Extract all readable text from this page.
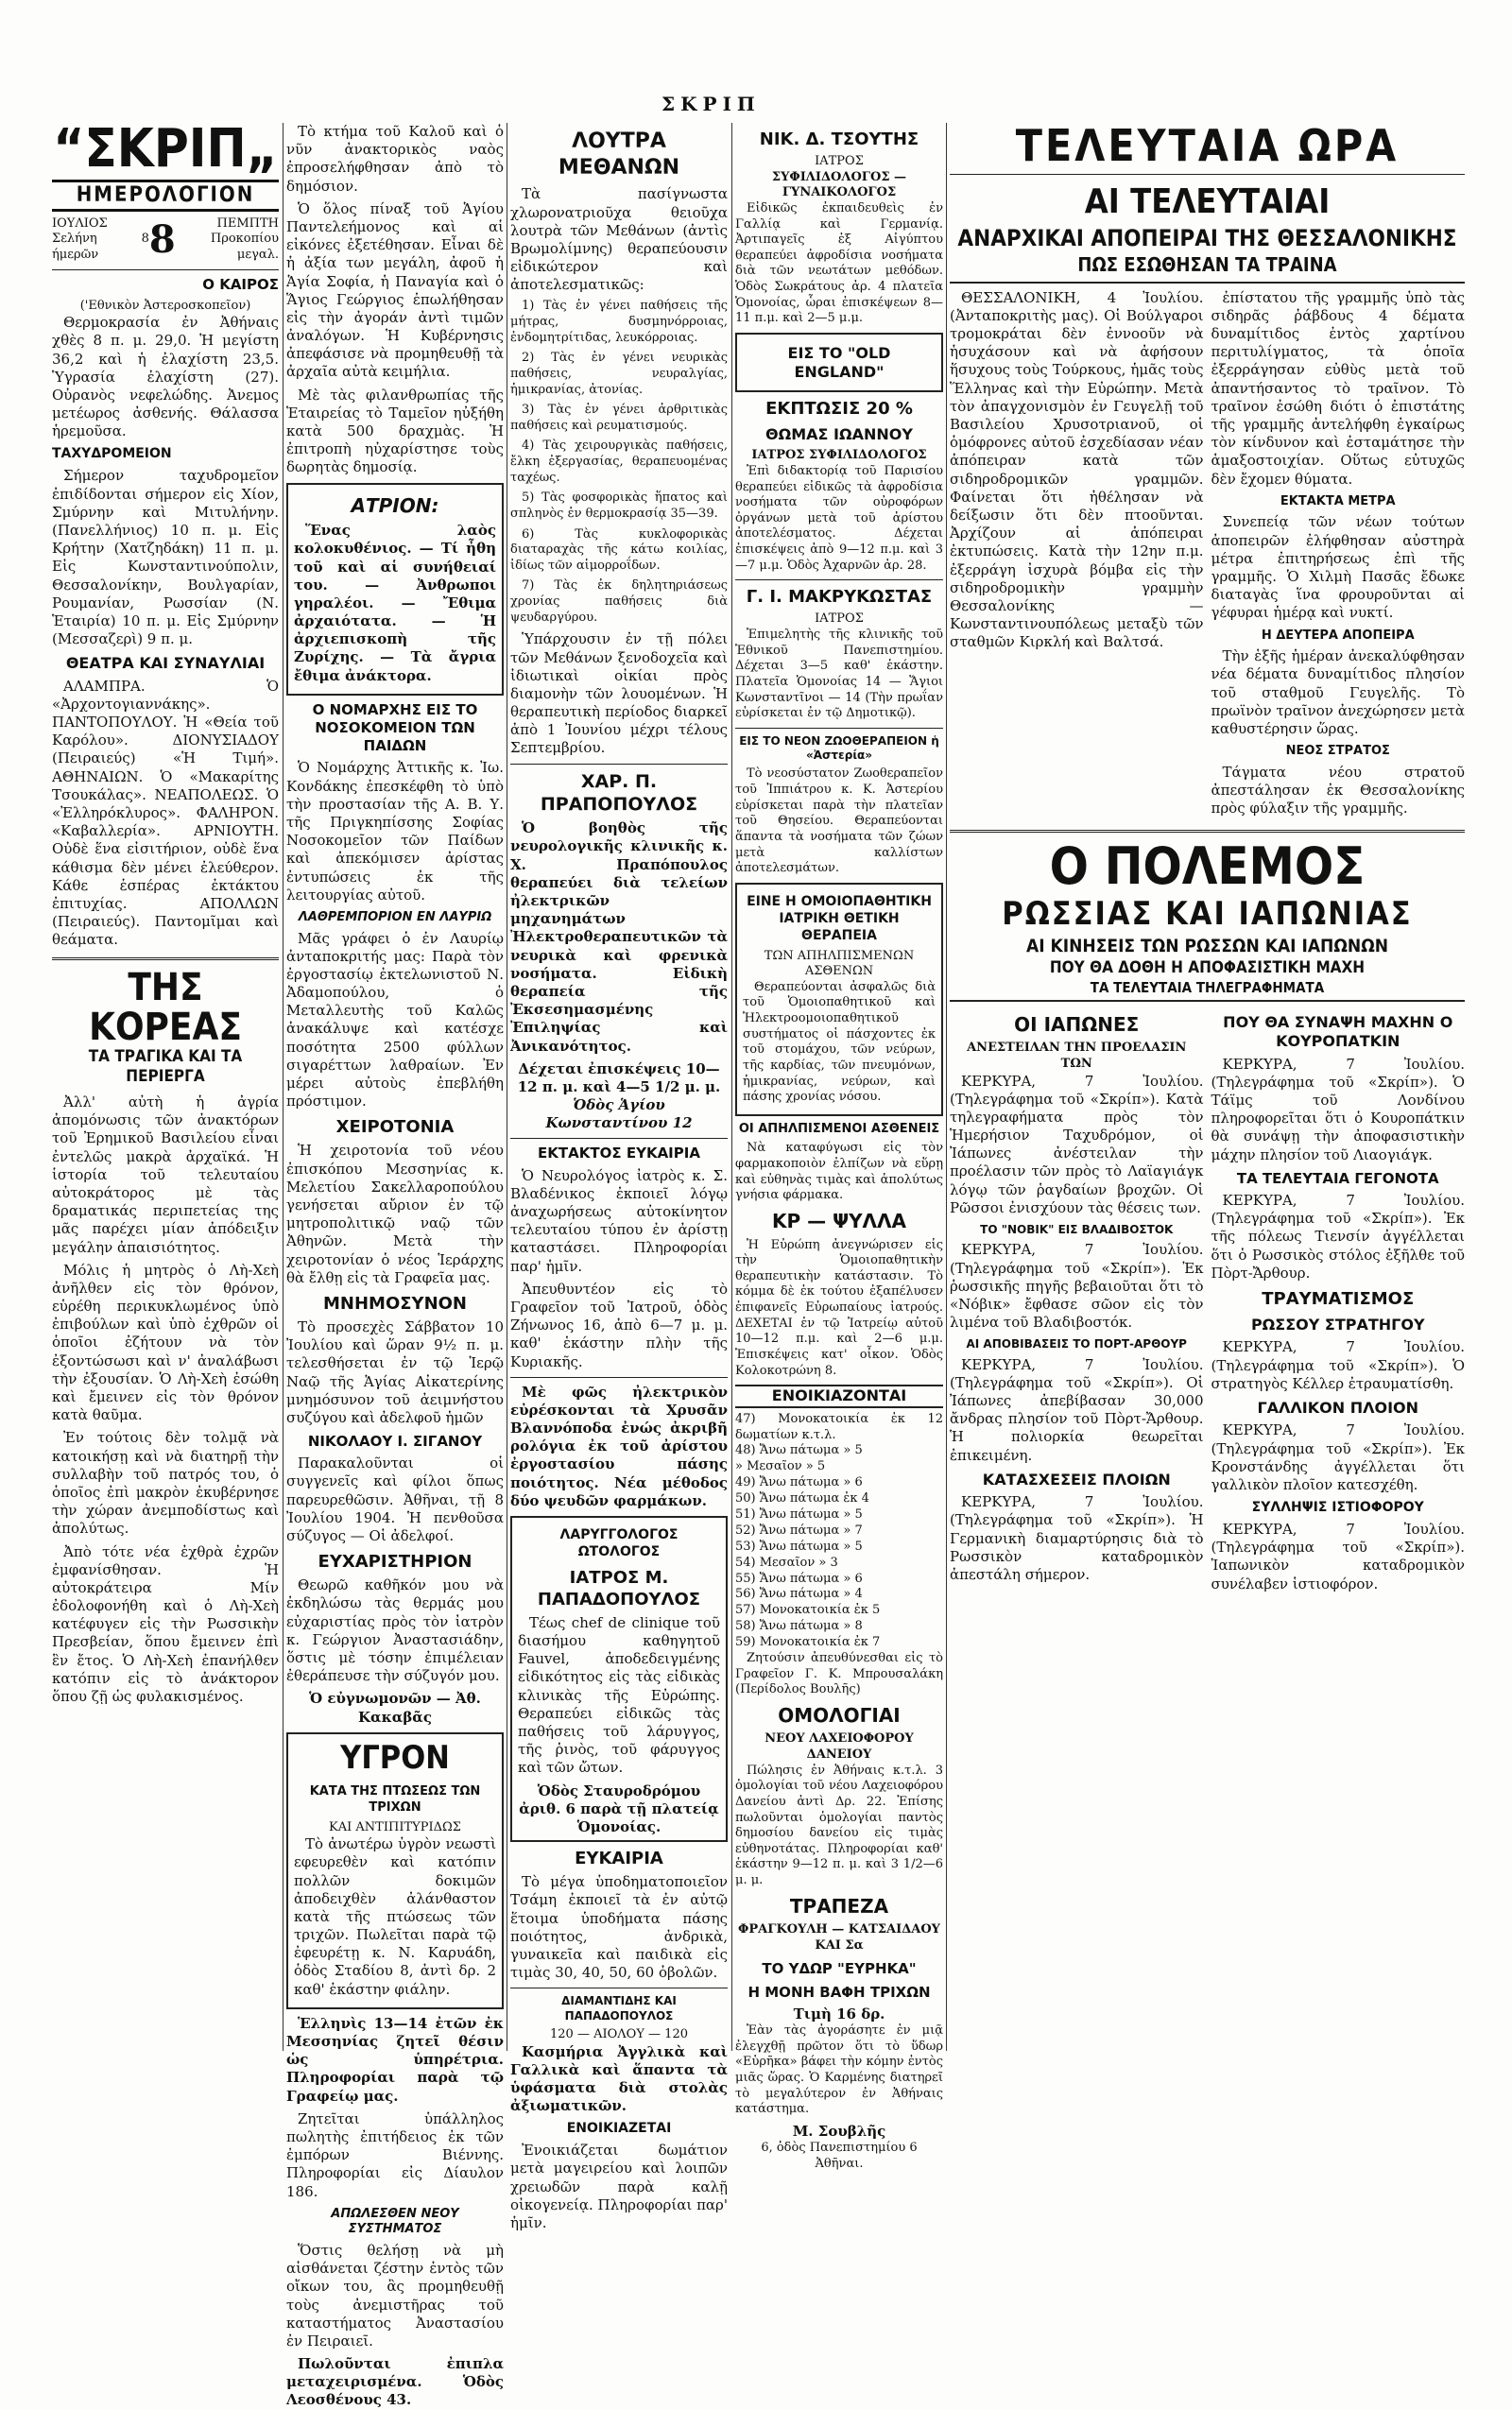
ΣΚΡΙΠ
“ΣΚΡΙΠ„
ΗΜΕΡΟΛΟΓΙΟΝ
ΙΟΥΛΙΟΣ
Σελήνη 8 ήμερῶν	8	ΠΕΜΠΤΗ
Προκοπίου μεγαλ.
Ο ΚΑΙΡΟΣ
('Εθνικὸν Ἀστεροσκοπεῖον)

Θερμοκρασία ἐν Ἀθήναις χθὲς 8 π. μ. 29,0. Ἡ μεγίστη 36,2 καὶ ἡ ἐλαχίστη 23,5. Ὑγρασία ἐλαχίστη (27). Οὐρανὸς νεφελώδης. Ἀνεμος μετέωρος ἀσθενής. Θάλασσα ἡρεμοῦσα.

ΤΑΧΥΔΡΟΜΕΙΟΝ

Σήμερον ταχυδρομεῖον ἐπιδίδονται σήμερον εἰς Χίον, Σμύρνην καὶ Μιτυλήνην. (Πανελλήνιος) 10 π. μ. Εἰς Κρήτην (Χατζηδάκη) 11 π. μ. Εἰς Κωνσταντινούπολιν, Θεσσαλονίκην, Βουλγαρίαν, Ρουμανίαν, Ρωσσίαν (Ν. Ἑταιρία) 10 π. μ. Εἰς Σμύρνην (Μεσσαζερὶ) 9 π. μ.

ΘΕΑΤΡΑ ΚΑΙ ΣΥΝΑΥΛΙΑΙ

ΑΛΑΜΠΡΑ. Ὁ «Ἀρχοντογιαννάκης». ΠΑΝΤΟΠΟΥΛΟΥ. Ἡ «Θεία τοῦ Καρόλου». ΔΙΟΝΥΣΙΑΔΟΥ (Πειραιεύς) «Ἡ Τιμή». ΑΘΗΝΑΙΩΝ. Ὁ «Μακαρίτης Τσουκάλας». ΝΕΑΠΟΛΕΩΣ. Ὁ «Ἐλληρόκλυρος». ΦΑΛΗΡΟΝ. «Καβαλλερία». ΑΡΝΙΟΥΤΗ. Οὐδὲ ἕνα εἰσιτήριον, οὐδὲ ἕνα κάθισμα δὲν μένει ἐλεύθερον. Κάθε ἑσπέρας ἐκτάκτου ἐπιτυχίας. ΑΠΟΛΛΩΝ (Πειραιεύς). Παντομῖμαι καὶ θεάματα.

ΤΗΣ ΚΟΡΕΑΣ
ΤΑ ΤΡΑΓΙΚΑ ΚΑΙ ΤΑ ΠΕΡΙΕΡΓΑ

Ἀλλ' αὐτὴ ἡ ἀγρία ἀπομόνωσις τῶν ἀνακτόρων τοῦ Ἐρημικοῦ Βασιλείου εἶναι ἐντελῶς μακρὰ ἀρχαϊκά. Ἡ ἱστορία τοῦ τελευταίου αὐτοκράτορος μὲ τὰς δραματικάς περιπετείας της μᾶς παρέχει μίαν ἀπόδειξιν μεγάλην ἀπαισιότητος.

Μόλις ἡ μητρὸς ὁ Λὴ-Χεὴ ἀνῆλθεν εἰς τὸν θρόνον, εὑρέθη περικυκλωμένος ὑπὸ ἐπιβούλων καὶ ὑπὸ ἐχθρῶν οἱ ὁποῖοι ἐζήτουν νὰ τὸν ἐξοντώσωσι καὶ ν' ἀναλάβωσι τὴν ἐξουσίαν. Ὁ Λὴ-Χεὴ ἐσώθη καὶ ἔμεινεν εἰς τὸν θρόνον κατὰ θαῦμα.

Ἐν τούτοις δὲν τολμᾷ νὰ κατοικήσῃ καὶ νὰ διατηρῇ τὴν συλλαβὴν τοῦ πατρός του, ὁ ὁποῖος ἐπὶ μακρὸν ἐκυβέρνησε τὴν χώραν ἀνεμποδίστως καὶ ἀπολύτως.

Ἀπὸ τότε νέα ἐχθρὰ ἐχρῶν ἐμφανίσθησαν. Ἡ αὐτοκράτειρα Μίν ἐδολοφονήθη καὶ ὁ Λὴ-Χεὴ κατέφυγεν εἰς τὴν Ρωσσικὴν Πρεσβείαν, ὅπου ἔμεινεν ἐπὶ ἓν ἔτος. Ὁ Λὴ-Χεὴ ἐπανήλθεν κατόπιν εἰς τὸ ἀνάκτορον ὅπου ζῇ ὡς φυλακισμένος.

Τὸ κτήμα τοῦ Καλοῦ καὶ ὁ νῦν ἀνακτορικὸς ναὸς ἐπροσελήφθησαν ἀπὸ τὸ δημόσιον.

Ὁ ὅλος πίναξ τοῦ Ἁγίου Παντελεήμονος καὶ αἱ εἰκόνες ἐξετέθησαν. Εἶναι δὲ ἡ ἀξία των μεγάλη, ἀφοῦ ἡ Ἁγία Σοφία, ἡ Παναγία καὶ ὁ Ἅγιος Γεώργιος ἐπωλήθησαν εἰς τὴν ἀγοράν ἀντὶ τιμῶν ἀναλόγων. Ἡ Κυβέρνησις ἀπεφάσισε νὰ προμηθευθῇ τὰ ἀρχαῖα αὐτὰ κειμήλια.

Μὲ τὰς φιλανθρωπίας τῆς Ἑταιρείας τὸ Ταμεῖον ηὐξήθη κατὰ 500 δραχμὰς. Ἡ ἐπιτροπὴ ηὐχαρίστησε τοὺς δωρητὰς δημοσίᾳ.

ΑΤΡΙΟΝ:

Ἕνας λαὸς κολοκυθένιος. — Τί ἦθη τοῦ καὶ αἱ συνήθειαί του. — Ἀνθρωποι γηραλέοι. — Ἔθιμα ἀρχαιότατα. — Ἡ ἀρχιεπισκοπὴ τῆς Ζυρίχης. — Τὰ ἄγρια ἔθιμα ἀνάκτορα.

Ο ΝΟΜΑΡΧΗΣ ΕΙΣ ΤΟ ΝΟΣΟΚΟΜΕΙΟΝ ΤΩΝ ΠΑΙΔΩΝ

Ὁ Νομάρχης Ἀττικῆς κ. Ἰω. Κονδάκης ἐπεσκέφθη τὸ ὑπὸ τὴν προστασίαν τῆς Α. Β. Υ. τῆς Πριγκηπίσσης Σοφίας Νοσοκομεῖον τῶν Παίδων καὶ ἀπεκόμισεν ἀρίστας ἐντυπώσεις ἐκ τῆς λειτουργίας αὐτοῦ.

ΛΑΘΡΕΜΠΟΡΙΟΝ ΕΝ ΛΑΥΡΙΩ

Μᾶς γράφει ὁ ἐν Λαυρίῳ ἀνταποκριτής μας: Παρὰ τὸν ἐργοστασίῳ ἐκτελωνιστοῦ Ν. Ἀδαμοπούλου, ὁ Μεταλλευτὴς τοῦ Καλῶς ἀνακάλυψε καὶ κατέσχε ποσότητα 2500 φύλλων σιγαρέττων λαθραίων. Ἐν μέρει αὐτοὺς ἐπεβλήθη πρόστιμον.

ΧΕΙΡΟΤΟΝΙΑ

Ἡ χειροτονία τοῦ νέου ἐπισκόπου Μεσσηνίας κ. Μελετίου Σακελλαροπούλου γενήσεται αὔριον ἐν τῷ μητροπολιτικῷ ναῷ τῶν Ἀθηνῶν. Μετὰ τὴν χειροτονίαν ὁ νέος Ἱεράρχης θὰ ἔλθῃ εἰς τὰ Γραφεῖα μας.

ΜΝΗΜΟΣΥΝΟΝ

Τὸ προσεχὲς Σάββατον 10 Ἰουλίου καὶ ὥραν 9½ π. μ. τελεσθήσεται ἐν τῷ Ἱερῷ Ναῷ τῆς Ἁγίας Αἰκατερίνης μνημόσυνον τοῦ ἀειμνήστου συζύγου καὶ ἀδελφοῦ ἡμῶν

ΝΙΚΟΛΑΟΥ Ι. ΣΙΓΑΝΟΥ

Παρακαλοῦνται οἱ συγγενεῖς καὶ φίλοι ὅπως παρευρεθῶσιν. Ἀθῆναι, τῇ 8 Ἰουλίου 1904. Ἡ πενθοῦσα σύζυγος — Οἱ ἀδελφοί.

ΕΥΧΑΡΙΣΤΗΡΙΟΝ

Θεωρῶ καθῆκόν μου νὰ ἐκδηλώσω τὰς θερμάς μου εὐχαριστίας πρὸς τὸν ἰατρὸν κ. Γεώργιον Ἀναστασιάδην, ὅστις μὲ τόσην ἐπιμέλειαν ἐθεράπευσε τὴν σύζυγόν μου.

Ὁ εὐγνωμονῶν — Ἀθ. Κακαβᾶς
ΥΓΡΟΝ
ΚΑΤΑ ΤΗΣ ΠΤΩΣΕΩΣ ΤΩΝ ΤΡΙΧΩΝ
ΚΑΙ ΑΝΤΙΠΙΤΥΡΙΔΩΣ

Τὸ ἀνωτέρω ὑγρὸν νεωστὶ εφευρεθὲν καὶ κατόπιν πολλῶν δοκιμῶν ἀποδειχθὲν ἀλάνθαστον κατὰ τῆς πτώσεως τῶν τριχῶν. Πωλεῖται παρὰ τῷ ἐφευρέτῃ κ. Ν. Καρυάδη, ὁδὸς Σταδίου 8, ἀντὶ δρ. 2 καθ' ἑκάστην φιάλην.

Ἑλληνὶς 13—14 ἐτῶν ἐκ Μεσσηνίας ζητεῖ θέσιν ὡς ὑπηρέτρια. Πληροφορίαι παρὰ τῷ Γραφείῳ μας.

Ζητεῖται ὑπάλληλος πωλητὴς ἐπιτήδειος ἐκ τῶν ἐμπόρων Βιέννης. Πληροφορίαι εἰς Δίαυλον 186.

ΑΠΩΛΕΣΘΕΝ ΝΕΟΥ ΣΥΣΤΗΜΑΤΟΣ

Ὅστις θελήσῃ νὰ μὴ αἰσθάνεται ζέστην ἐντὸς τῶν οἴκων του, ἂς προμηθευθῇ τοὺς ἀνεμιστῆρας τοῦ καταστήματος Ἀναστασίου ἐν Πειραιεῖ.

Πωλοῦνται ἐπιπλα μεταχειρισμένα. Ὁδὸς Λεοσθένους 43.

ΛΟΥΤΡΑ ΜΕΘΑΝΩΝ

Τὰ πασίγνωστα χλωρονατριοῦχα θειοῦχα λουτρὰ τῶν Μεθάνων (ἀντὶς Βρωμολίμνης) θεραπεύουσιν εἰδικώτερον καὶ ἀποτελεσματικῶς:

1) Τὰς ἐν γένει παθήσεις τῆς μήτρας, δυσμηνόρροιας, ἐνδομητρίτιδας, λευκόρροιας.

2) Τὰς ἐν γένει νευρικὰς παθήσεις, νευραλγίας, ἡμικρανίας, ἀτονίας.

3) Τὰς ἐν γένει ἀρθριτικὰς παθήσεις καὶ ρευματισμούς.

4) Τὰς χειρουργικὰς παθήσεις, ἔλκη ἐξεργασίας, θεραπευομένας ταχέως.

5) Τὰς φοσφορικὰς ἥπατος καὶ σπληνὸς ἐν θερμοκρασίᾳ 35—39.

6) Τὰς κυκλοφορικὰς διαταραχὰς τῆς κάτω κοιλίας, ἰδίως τῶν αἱμορροΐδων.

7) Τὰς ἐκ δηλητηριάσεως χρονίας παθήσεις διὰ ψευδαργύρου.

Ὑπάρχουσιν ἐν τῇ πόλει τῶν Μεθάνων ξενοδοχεῖα καὶ ἰδιωτικαὶ οἰκίαι πρὸς διαμονὴν τῶν λουομένων. Ἡ θεραπευτικὴ περίοδος διαρκεῖ ἀπὸ 1 Ἰουνίου μέχρι τέλους Σεπτεμβρίου.

ΧΑΡ. Π. ΠΡΑΠΟΠΟΥΛΟΣ

Ὁ βοηθὸς τῆς νευρολογικῆς κλινικῆς κ. Χ. Πραπόπουλος θεραπεύει διὰ τελείων ἠλεκτρικῶν μηχανημάτων Ἠλεκτροθεραπευτικῶν τὰ νευρικὰ καὶ φρενικὰ νοσήματα. Εἰδικὴ θεραπεία τῆς Ἐκσεσημασμένης Ἐπιληψίας καὶ Ἀνικανότητος.

Δέχεται ἐπισκέψεις 10—12 π. μ. καὶ 4—5 1/2 μ. μ.
Ὁδὸς Ἁγίου Κωνσταντίνου 12
ΕΚΤΑΚΤΟΣ ΕΥΚΑΙΡΙΑ

Ὁ Νευρολόγος ἰατρὸς κ. Σ. Βλαδένικος ἐκποιεῖ λόγῳ ἀναχωρήσεως αὐτοκίνητον τελευταίου τύπου ἐν ἀρίστῃ καταστάσει. Πληροφορίαι παρ' ἡμῖν.

Ἀπευθυντέον εἰς τὸ Γραφεῖον τοῦ Ἰατροῦ, ὁδὸς Ζήνωνος 16, ἀπὸ 6—7 μ. μ. καθ' ἑκάστην πλὴν τῆς Κυριακῆς.

Μὲ φῶς ἠλεκτρικὸν εὐρέσκονται τὰ Χρυσᾶν Βλαννόποδα ἐνώς ἀκριβῆ ρολόγια ἐκ τοῦ ἀρίστου ἐργοστασίου πάσης ποιότητος. Νέα μέθοδος δύο ψευδῶν φαρμάκων.

ΛΑΡΥΓΓΟΛΟΓΟΣ ΩΤΟΛΟΓΟΣ
ΙΑΤΡΟΣ Μ. ΠΑΠΑΔΟΠΟΥΛΟΣ

Τέως chef de clinique τοῦ διασήμου καθηγητοῦ Fauvel, ἀποδεδειγμένης εἰδικότητος εἰς τὰς εἰδικὰς κλινικὰς τῆς Εὐρώπης. Θεραπεύει εἰδικῶς τὰς παθήσεις τοῦ λάρυγγος, τῆς ῥινὸς, τοῦ φάρυγγος καὶ τῶν ὤτων.

Ὁδὸς Σταυροδρόμου ἀριθ. 6 παρὰ τῇ πλατείᾳ Ὁμονοίας.
ΕΥΚΑΙΡΙΑ

Τὸ μέγα ὑποδηματοποιεῖον Τσάμη ἐκποιεῖ τὰ ἐν αὐτῷ ἕτοιμα ὑποδήματα πάσης ποιότητος, ἀνδρικὰ, γυναικεῖα καὶ παιδικὰ εἰς τιμὰς 30, 40, 50, 60 ὀβολῶν.

ΔΙΑΜΑΝΤΙΔΗΣ ΚΑΙ ΠΑΠΑΔΟΠΟΥΛΟΣ
120 — ΑΙΟΛΟΥ — 120

Κασμήρια Ἀγγλικὰ καὶ Γαλλικὰ καὶ ἅπαντα τὰ ὑφάσματα διὰ στολὰς ἀξιωματικῶν.

ΕΝΟΙΚΙΑΖΕΤΑΙ

Ἐνοικιάζεται δωμάτιον μετὰ μαγειρείου καὶ λοιπῶν χρειωδῶν παρὰ καλῇ οἰκογενείᾳ. Πληροφορίαι παρ' ἡμῖν.

ΝΙΚ. Δ. ΤΣΟΥΤΗΣ
ΙΑΤΡΟΣ
ΣΥΦΙΛΙΔΟΛΟΓΟΣ — ΓΥΝΑΙΚΟΛΟΓΟΣ

Εἰδικῶς ἐκπαιδευθεὶς ἐν Γαλλίᾳ καὶ Γερμανίᾳ. Ἀρτιπαγεῖς ἐξ Αἰγύπτου θεραπεύει ἀφροδίσια νοσήματα διὰ τῶν νεωτάτων μεθόδων. Ὁδὸς Σωκράτους ἀρ. 4 πλατεῖα Ὁμονοίας, ὧραι ἐπισκέψεων 8—11 π.μ. καὶ 2—5 μ.μ.

ΕΙΣ ΤΟ "OLD ENGLAND"
ΕΚΠΤΩΣΙΣ 20 %
ΘΩΜΑΣ ΙΩΑΝΝΟΥ
ΙΑΤΡΟΣ ΣΥΦΙΛΙΔΟΛΟΓΟΣ

Ἐπὶ διδακτορίᾳ τοῦ Παρισίου θεραπεύει εἰδικῶς τὰ ἀφροδίσια νοσήματα τῶν οὐροφόρων ὀργάνων μετὰ τοῦ ἀρίστου ἀποτελέσματος. Δέχεται ἐπισκέψεις ἀπὸ 9—12 π.μ. καὶ 3—7 μ.μ. Ὁδὸς Ἀχαρνῶν ἀρ. 28.

Γ. Ι. ΜΑΚΡΥΚΩΣΤΑΣ
ΙΑΤΡΟΣ

Ἐπιμελητὴς τῆς κλινικῆς τοῦ Ἐθνικοῦ Πανεπιστημίου. Δέχεται 3—5 καθ' ἑκάστην. Πλατεῖα Ὁμονοίας 14 — Ἅγιοι Κωνσταντῖνοι — 14 (Τὴν πρωΐαν εὑρίσκεται ἐν τῷ Δημοτικῷ).

ΕΙΣ ΤΟ ΝΕΟΝ ΖΩΟΘΕΡΑΠΕΙΟΝ ἡ «Ἀστερία»

Τὸ νεοσύστατον Ζωοθεραπεῖον τοῦ Ἱππιάτρου κ. Κ. Ἀστερίου εὑρίσκεται παρὰ τὴν πλατεῖαν τοῦ Θησείου. Θεραπεύονται ἅπαντα τὰ νοσήματα τῶν ζώων μετὰ καλλίστων ἀποτελεσμάτων.

ΕΙΝΕ Η ΟΜΟΙΟΠΑΘΗΤΙΚΗ ΙΑΤΡΙΚΗ ΘΕΤΙΚΗ ΘΕΡΑΠΕΙΑ
ΤΩΝ ΑΠΗΛΠΙΣΜΕΝΩΝ ΑΣΘΕΝΩΝ

Θεραπεύονται ἀσφαλῶς διὰ τοῦ Ὁμοιοπαθητικοῦ καὶ Ἠλεκτροομοιοπαθητικοῦ συστήματος οἱ πάσχοντες ἐκ τοῦ στομάχου, τῶν νεύρων, τῆς καρδίας, τῶν πνευμόνων, ἡμικρανίας, νεύρων, καὶ πάσης χρονίας νόσου.

ΟΙ ΑΠΗΛΠΙΣΜΕΝΟΙ ΑΣΘΕΝΕΙΣ

Νὰ καταφύγωσι εἰς τὸν φαρμακοποιὸν ἐλπίζων νὰ εὕρῃ καὶ εὐθηνὰς τιμὰς καὶ ἀπολύτως γνήσια φάρμακα.

ΚΡ — ΨΥΛΛΑ

Ἡ Εὐρώπη ἀνεγνώρισεν εἰς τὴν Ὁμοιοπαθητικὴν θεραπευτικὴν κατάστασιν. Τὸ κόμμα δὲ ἐκ τούτου ἐξαπέλυσεν ἐπιφανεῖς Εὐρωπαίους ἰατρούς. ΔΕΧΕΤΑΙ ἐν τῷ Ἰατρείῳ αὐτοῦ 10—12 π.μ. καὶ 2—6 μ.μ. Ἐπισκέψεις κατ' οἶκον. Ὁδὸς Κολοκοτρώνη 8.

ΕΝΟΙΚΙΑΖΟΝΤΑΙ
47) Μονοκατοικία ἐκ 12 δωματίων κ.τ.λ.
48) Ἄνω πάτωμα » 5
» Μεσαῖον » 5
49) Ἄνω πάτωμα » 6
50) Ἄνω πάτωμα ἐκ 4
51) Ἄνω πάτωμα » 5
52) Ἄνω πάτωμα » 7
53) Ἄνω πάτωμα » 5
54) Μεσαῖον » 3
55) Ἄνω πάτωμα » 6
56) Ἄνω πάτωμα » 4
57) Μονοκατοικία ἐκ 5
58) Ἄνω πάτωμα » 8
59) Μονοκατοικία ἐκ 7

Ζητούσιν ἀπευθύνεσθαι εἰς τὸ Γραφεῖον Γ. Κ. Μπρουσαλάκη (Περίδολος Βουλῆς)

ΟΜΟΛΟΓΙΑΙ
ΝΕΟΥ ΛΑΧΕΙΟΦΟΡΟΥ ΔΑΝΕΙΟΥ

Πώλησις ἐν Ἀθήναις κ.τ.λ. 3 ὁμολογίαι τοῦ νέου Λαχειοφόρου Δανείου ἀντὶ Δρ. 22. Ἐπίσης πωλοῦνται ὁμολογίαι παντὸς δημοσίου δανείου εἰς τιμὰς εὐθηνοτάτας. Πληροφορίαι καθ' ἑκάστην 9—12 π. μ. καὶ 3 1/2—6 μ. μ.

ΤΡΑΠΕΖΑ
ΦΡΑΓΚΟΥΛΗ — ΚΑΤΣΑΙΔΑΟΥ ΚΑΙ Σα
ΤΟ ΥΔΩΡ "ΕΥΡΗΚΑ"
Η ΜΟΝΗ ΒΑΦΗ ΤΡΙΧΩΝ
Τιμὴ 16 δρ.

Ἐὰν τὰς ἀγοράσητε ἐν μιᾷ ἐλεγχθῇ πρῶτον ὅτι τὸ ὕδωρ «Εὑρῆκα» βάφει τὴν κόμην ἐντὸς μιᾶς ὥρας. Ὁ Καρμένης διατηρεῖ τὸ μεγαλύτερον ἐν Ἀθήναις κατάστημα.

Μ. Σουβλῆς
6, ὁδὸς Πανεπιστημίου 6 Ἀθῆναι.
ΤΕΛΕΥΤΑΙΑ ΩΡΑ
ΑΙ ΤΕΛΕΥΤΑΙΑΙ
ΑΝΑΡΧΙΚΑΙ ΑΠΟΠΕΙΡΑΙ ΤΗΣ ΘΕΣΣΑΛΟΝΙΚΗΣ
ΠΩΣ ΕΣΩΘΗΣΑΝ ΤΑ ΤΡΑΙΝΑ

ΘΕΣΣΑΛΟΝΙΚΗ, 4 Ἰουλίου. (Ἀνταποκριτὴς μας). Οἱ Βούλγαροι τρομοκράται δὲν ἐννοοῦν νὰ ἡσυχάσουν καὶ νὰ ἀφήσουν ἥσυχους τοὺς Τούρκους, ἡμᾶς τοὺς Ἕλληνας καὶ τὴν Εὐρώπην. Μετὰ τὸν ἀπαγχονισμὸν ἐν Γευγελῇ τοῦ Βασιλείου Χρυσοτριανοῦ, οἱ ὁμόφρονες αὐτοῦ ἐσχεδίασαν νέαν ἀπόπειραν κατὰ τῶν σιδηροδρομικῶν γραμμῶν. Φαίνεται ὅτι ἠθέλησαν νὰ δείξωσιν ὅτι δὲν πτοοῦνται. Ἀρχίζουν αἱ ἀπόπειραι ἐκτυπώσεις. Κατὰ τὴν 12ην π.μ. ἐξερράγη ἰσχυρὰ βόμβα εἰς τὴν σιδηροδρομικὴν γραμμὴν Θεσσαλονίκης — Κωνσταντινουπόλεως μεταξὺ τῶν σταθμῶν Κιρκλή καὶ Βαλτσά.

ἐπίστατου τῆς γραμμῆς ὑπὸ τὰς σιδηρᾶς ῥάβδους 4 δέματα δυναμίτιδος ἐντὸς χαρτίνου περιτυλίγματος, τὰ ὁποῖα ἐξερράγησαν εὐθὺς μετὰ τοῦ ἀπαντήσαντος τὸ τραῖνον. Τὸ τραῖνον ἐσώθη διότι ὁ ἐπιστάτης τῆς γραμμῆς ἀντελήφθη ἐγκαίρως τὸν κίνδυνον καὶ ἐσταμάτησε τὴν ἁμαξοστοιχίαν. Οὕτως εὐτυχῶς δὲν ἔχομεν θύματα.

ΕΚΤΑΚΤΑ ΜΕΤΡΑ

Συνεπείᾳ τῶν νέων τούτων ἀποπειρῶν ἐλήφθησαν αὐστηρὰ μέτρα ἐπιτηρήσεως ἐπὶ τῆς γραμμῆς. Ὁ Χιλμὴ Πασᾶς ἔδωκε διαταγὰς ἵνα φρουροῦνται αἱ γέφυραι ἡμέρᾳ καὶ νυκτί.

Η ΔΕΥΤΕΡΑ ΑΠΟΠΕΙΡΑ

Τὴν ἑξῆς ἡμέραν ἀνεκαλύφθησαν νέα δέματα δυναμίτιδος πλησίον τοῦ σταθμοῦ Γευγελῆς. Τὸ πρωϊνὸν τραῖνον ἀνεχώρησεν μετὰ καθυστέρησιν ὥρας.

ΝΕΟΣ ΣΤΡΑΤΟΣ

Τάγματα νέου στρατοῦ ἀπεστάλησαν ἐκ Θεσσαλονίκης πρὸς φύλαξιν τῆς γραμμῆς.

Ο ΠΟΛΕΜΟΣ
ΡΩΣΣΙΑΣ ΚΑΙ ΙΑΠΩΝΙΑΣ
ΑΙ ΚΙΝΗΣΕΙΣ ΤΩΝ ΡΩΣΣΩΝ ΚΑΙ ΙΑΠΩΝΩΝ
ΠΟΥ ΘΑ ΔΟΘΗ Η ΑΠΟΦΑΣΙΣΤΙΚΗ ΜΑΧΗ
ΤΑ ΤΕΛΕΥΤΑΙΑ ΤΗΛΕΓΡΑΦΗΜΑΤΑ
ΟΙ ΙΑΠΩΝΕΣ
ΑΝΕΣΤΕΙΛΑΝ ΤΗΝ ΠΡΟΕΛΑΣΙΝ ΤΩΝ

ΚΕΡΚΥΡΑ, 7 Ἰουλίου. (Τηλεγράφημα τοῦ «Σκρίπ»). Κατὰ τηλεγραφήματα πρὸς τὸν Ἡμερήσιον Ταχυδρόμον, οἱ Ἰάπωνες ἀνέστειλαν τὴν προέλασιν τῶν πρὸς τὸ Λαϊαγιάγκ λόγῳ τῶν ῥαγδαίων βροχῶν. Οἱ Ρῶσσοι ἐνισχύουν τὰς θέσεις των.

ΤΟ "ΝΟΒΙΚ" ΕΙΣ ΒΛΑΔΙΒΟΣΤΟΚ

ΚΕΡΚΥΡΑ, 7 Ἰουλίου. (Τηλεγράφημα τοῦ «Σκρίπ»). Ἐκ ῥωσσικῆς πηγῆς βεβαιοῦται ὅτι τὸ «Νόβικ» ἔφθασε σῶον εἰς τὸν λιμένα τοῦ Βλαδιβοστόκ.

ΑΙ ΑΠΟΒΙΒΑΣΕΙΣ ΤΟ ΠΟΡΤ-ΑΡΘΟΥΡ

ΚΕΡΚΥΡΑ, 7 Ἰουλίου. (Τηλεγράφημα τοῦ «Σκρίπ»). Οἱ Ἰάπωνες ἀπεβίβασαν 30,000 ἄνδρας πλησίον τοῦ Πὸρτ-Ἄρθουρ. Ἡ πολιορκία θεωρεῖται ἐπικειμένη.

ΚΑΤΑΣΧΕΣΕΙΣ ΠΛΟΙΩΝ

ΚΕΡΚΥΡΑ, 7 Ἰουλίου. (Τηλεγράφημα τοῦ «Σκρίπ»). Ἡ Γερμανικὴ διαμαρτύρησις διὰ τὸ Ρωσσικὸν καταδρομικὸν ἀπεστάλη σήμερον.

ΠΟΥ ΘΑ ΣΥΝΑΨΗ ΜΑΧΗΝ Ο ΚΟΥΡΟΠΑΤΚΙΝ

ΚΕΡΚΥΡΑ, 7 Ἰουλίου. (Τηλεγράφημα τοῦ «Σκρίπ»). Ὁ Τάϊμς τοῦ Λονδίνου πληροφορεῖται ὅτι ὁ Κουροπάτκιν θὰ συνάψῃ τὴν ἀποφασιστικὴν μάχην πλησίον τοῦ Λιαογιάγκ.

ΤΑ ΤΕΛΕΥΤΑΙΑ ΓΕΓΟΝΟΤΑ

ΚΕΡΚΥΡΑ, 7 Ἰουλίου. (Τηλεγράφημα τοῦ «Σκρίπ»). Ἐκ τῆς πόλεως Τιενσίν ἀγγέλλεται ὅτι ὁ Ρωσσικὸς στόλος ἐξῆλθε τοῦ Πὸρτ-Ἄρθουρ.

ΤΡΑΥΜΑΤΙΣΜΟΣ
ΡΩΣΣΟΥ ΣΤΡΑΤΗΓΟΥ

ΚΕΡΚΥΡΑ, 7 Ἰουλίου. (Τηλεγράφημα τοῦ «Σκρίπ»). Ὁ στρατηγὸς Κέλλερ ἐτραυματίσθη.

ΓΑΛΛΙΚΟΝ ΠΛΟΙΟΝ

ΚΕΡΚΥΡΑ, 7 Ἰουλίου. (Τηλεγράφημα τοῦ «Σκρίπ»). Ἐκ Κρονστάνδης ἀγγέλλεται ὅτι γαλλικὸν πλοῖον κατεσχέθη.

ΣΥΛΛΗΨΙΣ ΙΣΤΙΟΦΟΡΟΥ

ΚΕΡΚΥΡΑ, 7 Ἰουλίου. (Τηλεγράφημα τοῦ «Σκρίπ»). Ἰαπωνικὸν καταδρομικὸν συνέλαβεν ἱστιοφόρον.
